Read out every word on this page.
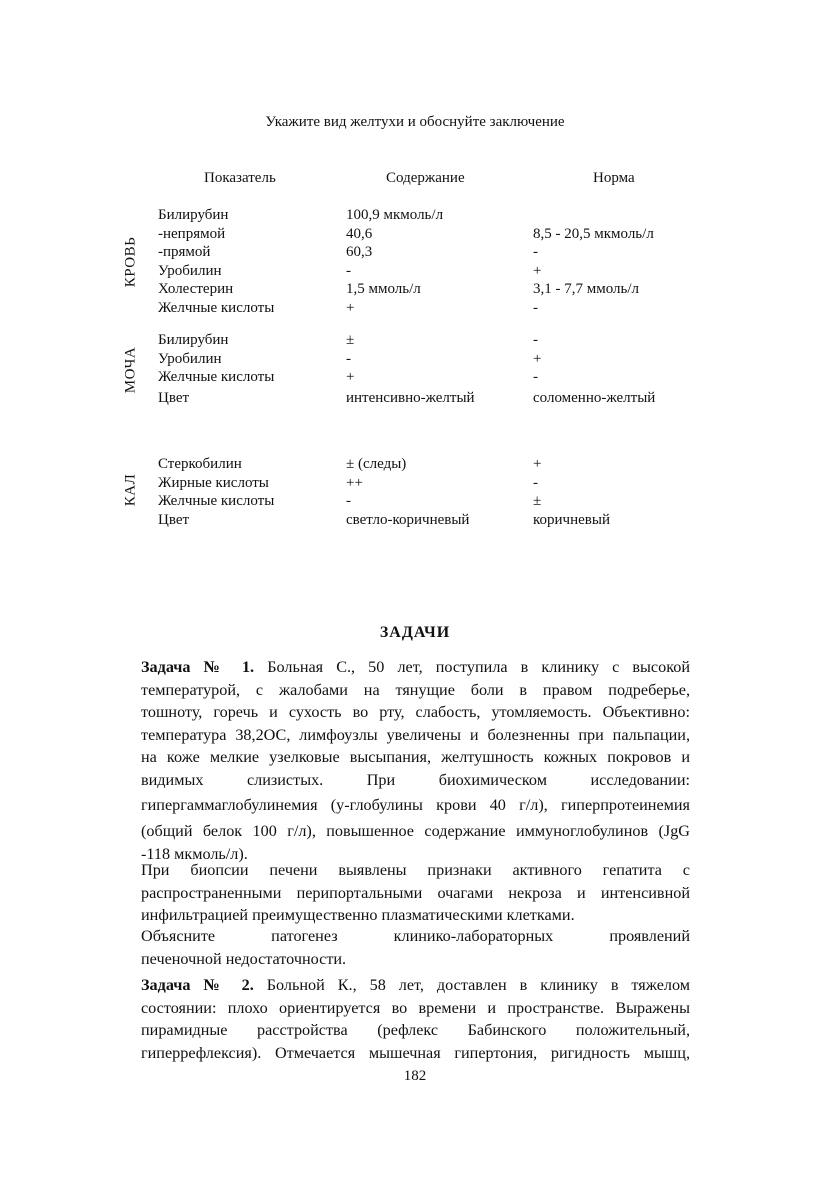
Укажите вид желтухи и обоснуйте заключение
Показатель	Содержание	Норма
КРОВЬ
Билирубин	100,9 мкмоль/л
-непрямой	40,6	8,5 - 20,5 мкмоль/л
-прямой	60,3	-
Уробилин	-	+
Холестерин	1,5 ммоль/л	3,1 - 7,7 ммоль/л
Желчные кислоты	+	-
МОЧА
Билирубин	±	-
Уробилин	-	+
Желчные кислоты	+	-
Цвет	интенсивно-желтый	соломенно-желтый
КАЛ
Стеркобилин	± (следы)	+
Жирные кислоты	++	-
Желчные кислоты	-	±
Цвет	светло-коричневый	коричневый
ЗАДАЧИ
Задача № 1. Больная С., 50 лет, поступила в клинику с высокой
температурой, с жалобами на тянущие боли в правом подреберье,
тошноту, горечь и сухость во рту, слабость, утомляемость. Объективно:
температура 38,2ОС, лимфоузлы увеличены и болезненны при пальпации,
на коже мелкие узелковые высыпания, желтушность кожных покровов и
видимых слизистых. При биохимическом исследовании:
гипергаммаглобулинемия (у-глобулины крови 40 г/л), гиперпротеинемия
(общий белок 100 г/л), повышенное содержание иммуноглобулинов (JgG
-118 мкмоль/л).
При биопсии печени выявлены признаки активного гепатита с
распространенными перипортальными очагами некроза и интенсивной
инфильтрацией преимущественно плазматическими клетками.
Объясните патогенез клинико-лабораторных проявлений
печеночной недостаточности.
Задача № 2. Больной К., 58 лет, доставлен в клинику в тяжелом
состоянии: плохо ориентируется во времени и пространстве. Выражены
пирамидные расстройства (рефлекс Бабинского положительный,
гиперрефлексия). Отмечается мышечная гипертония, ригидность мышц,
182
